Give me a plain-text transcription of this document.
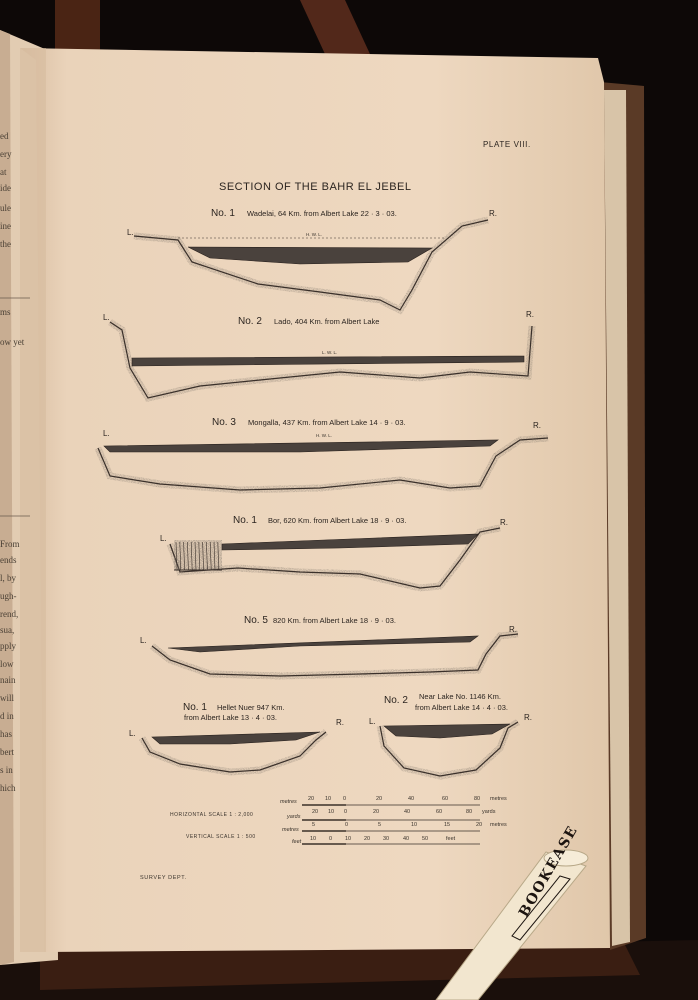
ed
ery
at
ide
ule
ine
the
ms
ow yet
From
ends
l, by
ugh-
rend,
sua,
pply
low
nain
will
d in
has
bert
s in
hich
PLATE VIII.
SECTION OF THE BAHR EL JEBEL
No. 1 Wadelai, 64 Km. from Albert Lake 22 · 3 · 03.
L.
R.
H. W. L.
No. 2 Lado, 404 Km. from Albert Lake
L.	R.
L. W. L.
No. 3 Mongalla, 437 Km. from Albert Lake 14 · 9 · 03.
L.
R.
H. W. L.
No. 1 Bor, 620 Km. from Albert Lake 18 · 9 · 03.
L.
R.
No. 5 820 Km. from Albert Lake 18 · 9 · 03.
L.
R.
No. 1 Hellet Nuer 947 Km.
from Albert Lake 13 · 4 · 03.
L.
R.
No. 2 Near Lake No. 1146 Km.
from Albert Lake 14 · 4 · 03.
L.	R.
HORIZONTAL SCALE 1 : 2,000
VERTICAL SCALE 1 : 500
metres
yards
metres
feet
20 10 0	20	40	60	80 metres
20 10 0	20	40	60	80 yards
5	0	5	10	15	20 metres
10 0 10 20 30	40 50	feet
SURVEY DEPT.	BOOKEASE
